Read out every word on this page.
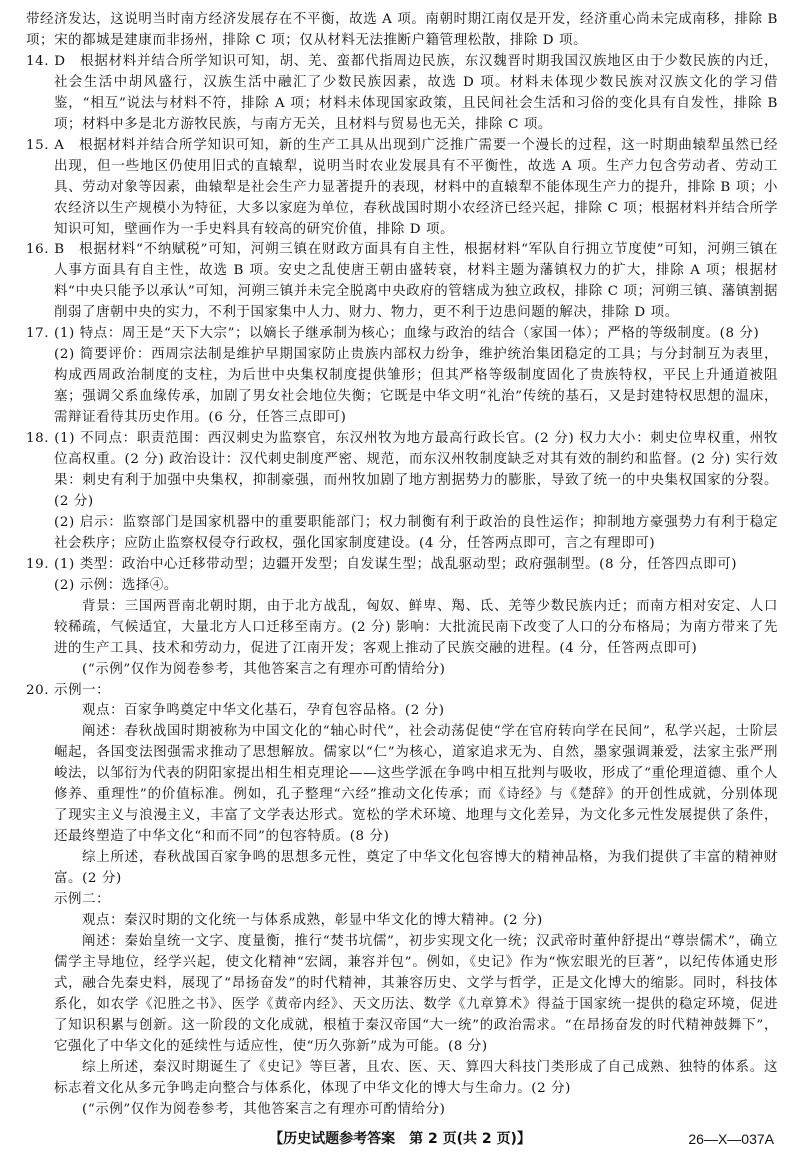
带经济发达，这说明当时南方经济发展存在不平衡，故选 A 项。南朝时期江南仅是开发，经济重心尚未完成南移，排除 B 项；宋的都城是建康而非扬州，排除 C 项；仅从材料无法推断户籍管理松散，排除 D 项。

14. D　根据材料并结合所学知识可知，胡、羌、蛮都代指周边民族，东汉魏晋时期我国汉族地区由于少数民族的内迁，社会生活中胡风盛行，汉族生活中融汇了少数民族因素，故选 D 项。材料未体现少数民族对汉族文化的学习借鉴，“相互”说法与材料不符，排除 A 项；材料未体现国家政策，且民间社会生活和习俗的变化具有自发性，排除 B 项；材料中多是北方游牧民族，与南方无关，且材料与贸易也无关，排除 C 项。

15. A　根据材料并结合所学知识可知，新的生产工具从出现到广泛推广需要一个漫长的过程，这一时期曲辕犁虽然已经出现，但一些地区仍使用旧式的直辕犁，说明当时农业发展具有不平衡性，故选 A 项。生产力包含劳动者、劳动工具、劳动对象等因素，曲辕犁是社会生产力显著提升的表现，材料中的直辕犁不能体现生产力的提升，排除 B 项；小农经济以生产规模小为特征，大多以家庭为单位，春秋战国时期小农经济已经兴起，排除 C 项；根据材料并结合所学知识可知，壁画作为一手史料具有较高的研究价值，排除 D 项。

16. B　根据材料“不纳赋税”可知，河朔三镇在财政方面具有自主性，根据材料“军队自行拥立节度使”可知，河朔三镇在人事方面具有自主性，故选 B 项。安史之乱使唐王朝由盛转衰，材料主题为藩镇权力的扩大，排除 A 项；根据材料“中央只能予以承认”可知，河朔三镇并未完全脱离中央政府的管辖成为独立政权，排除 C 项；河朔三镇、藩镇割据削弱了唐朝中央的实力，不利于国家集中人力、财力、物力，更不利于边患问题的解决，排除 D 项。

17. (1) 特点：周王是“天下大宗”；以嫡长子继承制为核心；血缘与政治的结合（家国一体）；严格的等级制度。(8 分)

(2) 简要评价：西周宗法制是维护早期国家防止贵族内部权力纷争，维护统治集团稳定的工具；与分封制互为表里，构成西周政治制度的支柱，为后世中央集权制度提供雏形；但其严格等级制度固化了贵族特权，平民上升通道被阻塞；强调父系血缘传承，加剧了男女社会地位失衡；它既是中华文明“礼治”传统的基石，又是封建特权思想的温床，需辩证看待其历史作用。(6 分，任答三点即可)

18. (1) 不同点：职责范围：西汉刺史为监察官，东汉州牧为地方最高行政长官。(2 分) 权力大小：刺史位卑权重，州牧位高权重。(2 分) 政治设计：汉代刺史制度严密、规范，而东汉州牧制度缺乏对其有效的制约和监督。(2 分) 实行效果：刺史有利于加强中央集权，抑制豪强，而州牧加剧了地方割据势力的膨胀，导致了统一的中央集权国家的分裂。(2 分)

(2) 启示：监察部门是国家机器中的重要职能部门；权力制衡有利于政治的良性运作；抑制地方豪强势力有利于稳定社会秩序；应防止监察权侵夺行政权，强化国家制度建设。(4 分，任答两点即可，言之有理即可)

19. (1) 类型：政治中心迁移带动型；边疆开发型；自发谋生型；战乱驱动型；政府强制型。(8 分，任答四点即可)

(2) 示例：选择④。

背景：三国两晋南北朝时期，由于北方战乱，匈奴、鲜卑、羯、氐、羌等少数民族内迁；而南方相对安定、人口较稀疏，气候适宜，大量北方人口迁移至南方。(2 分) 影响：大批流民南下改变了人口的分布格局；为南方带来了先进的生产工具、技术和劳动力，促进了江南开发；客观上推动了民族交融的进程。(4 分，任答两点即可)

(“示例”仅作为阅卷参考，其他答案言之有理亦可酌情给分)

20. 示例一：

观点：百家争鸣奠定中华文化基石，孕育包容品格。(2 分)

阐述：春秋战国时期被称为中国文化的“轴心时代”，社会动荡促使“学在官府转向学在民间”，私学兴起，士阶层崛起，各国变法图强需求推动了思想解放。儒家以“仁”为核心，道家追求无为、自然，墨家强调兼爱，法家主张严刑峻法，以邹衍为代表的阴阳家提出相生相克理论——这些学派在争鸣中相互批判与吸收，形成了“重伦理道德、重个人修养、重理性”的价值标准。例如，孔子整理“六经”推动文化传承；而《诗经》与《楚辞》的开创性成就，分别体现了现实主义与浪漫主义，丰富了文学表达形式。宽松的学术环境、地理与文化差异，为文化多元性发展提供了条件，还最终塑造了中华文化“和而不同”的包容特质。(8 分)

综上所述，春秋战国百家争鸣的思想多元性，奠定了中华文化包容博大的精神品格，为我们提供了丰富的精神财富。(2 分)

示例二：

观点：秦汉时期的文化统一与体系成熟，彰显中华文化的博大精神。(2 分)

阐述：秦始皇统一文字、度量衡，推行“焚书坑儒”，初步实现文化一统；汉武帝时董仲舒提出“尊崇儒术”，确立儒学主导地位，经学兴起，使文化精神“宏阔，兼容并包”。例如，《史记》作为“恢宏眼光的巨著”，以纪传体通史形式，融合先秦史料，展现了“昂扬奋发”的时代精神，其兼容历史、文学与哲学，正是文化博大的缩影。同时，科技体系化，如农学《氾胜之书》、医学《黄帝内经》、天文历法、数学《九章算术》得益于国家统一提供的稳定环境，促进了知识积累与创新。这一阶段的文化成就，根植于秦汉帝国“大一统”的政治需求。“在昂扬奋发的时代精神鼓舞下”，它强化了中华文化的延续性与适应性，使“历久弥新”成为可能。(8 分)

综上所述，秦汉时期诞生了《史记》等巨著，且农、医、天、算四大科技门类形成了自己成熟、独特的体系。这标志着文化从多元争鸣走向整合与体系化，体现了中华文化的博大与生命力。(2 分)

(“示例”仅作为阅卷参考，其他答案言之有理亦可酌情给分)

【历史试题参考答案　第 2 页(共 2 页)】	26—X—037A
